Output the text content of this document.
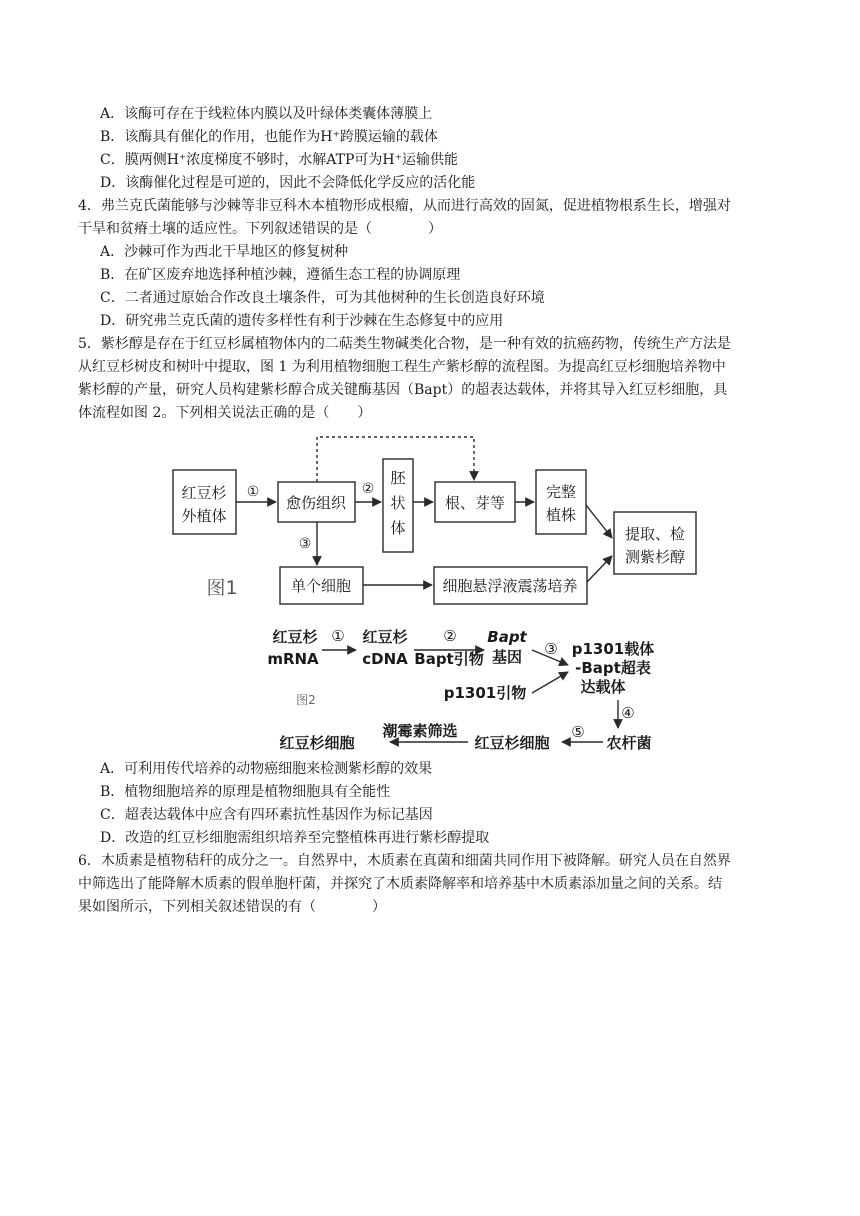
A．该酶可存在于线粒体内膜以及叶绿体类囊体薄膜上
B．该酶具有催化的作用，也能作为H⁺跨膜运输的载体
C．膜两侧H⁺浓度梯度不够时，水解ATP可为H⁺运输供能
D．该酶催化过程是可逆的，因此不会降低化学反应的活化能
4．弗兰克氏菌能够与沙棘等非豆科木本植物形成根瘤，从而进行高效的固氮，促进植物根系生长，增强对
干旱和贫瘠土壤的适应性。下列叙述错误的是（　　　　）
A．沙棘可作为西北干旱地区的修复树种
B．在矿区废弃地选择种植沙棘，遵循生态工程的协调原理
C．二者通过原始合作改良土壤条件，可为其他树种的生长创造良好环境
D．研究弗兰克氏菌的遗传多样性有利于沙棘在生态修复中的应用
5．紫杉醇是存在于红豆杉属植物体内的二萜类生物碱类化合物，是一种有效的抗癌药物，传统生产方法是
从红豆杉树皮和树叶中提取，图 1 为利用植物细胞工程生产紫杉醇的流程图。为提高红豆杉细胞培养物中
紫杉醇的产量，研究人员构建紫杉醇合成关键酶基因（Bapt）的超表达载体，并将其导入红豆杉细胞，具
体流程如图 2。下列相关说法正确的是（　　）
红豆杉
外植体
愈伤组织
胚
状
体
根、芽等
完整
植株
提取、检
测紫杉醇
单个细胞	细胞悬浮液震荡培养
①	②
③
图1
红豆杉
mRNA
红豆杉
cDNA
Bapt
基因
Bapt引物
p1301引物
p1301载体
-Bapt超表
达载体
农杆菌
红豆杉细胞
潮霉素筛选
红豆杉细胞
①	②
③
④
⑤
图2
A．可利用传代培养的动物癌细胞来检测紫杉醇的效果
B．植物细胞培养的原理是植物细胞具有全能性
C．超表达载体中应含有四环素抗性基因作为标记基因
D．改造的红豆杉细胞需组织培养至完整植株再进行紫杉醇提取
6．木质素是植物秸秆的成分之一。自然界中，木质素在真菌和细菌共同作用下被降解。研究人员在自然界
中筛选出了能降解木质素的假单胞杆菌，并探究了木质素降解率和培养基中木质素添加量之间的关系。结
果如图所示，下列相关叙述错误的有（　　　　）
